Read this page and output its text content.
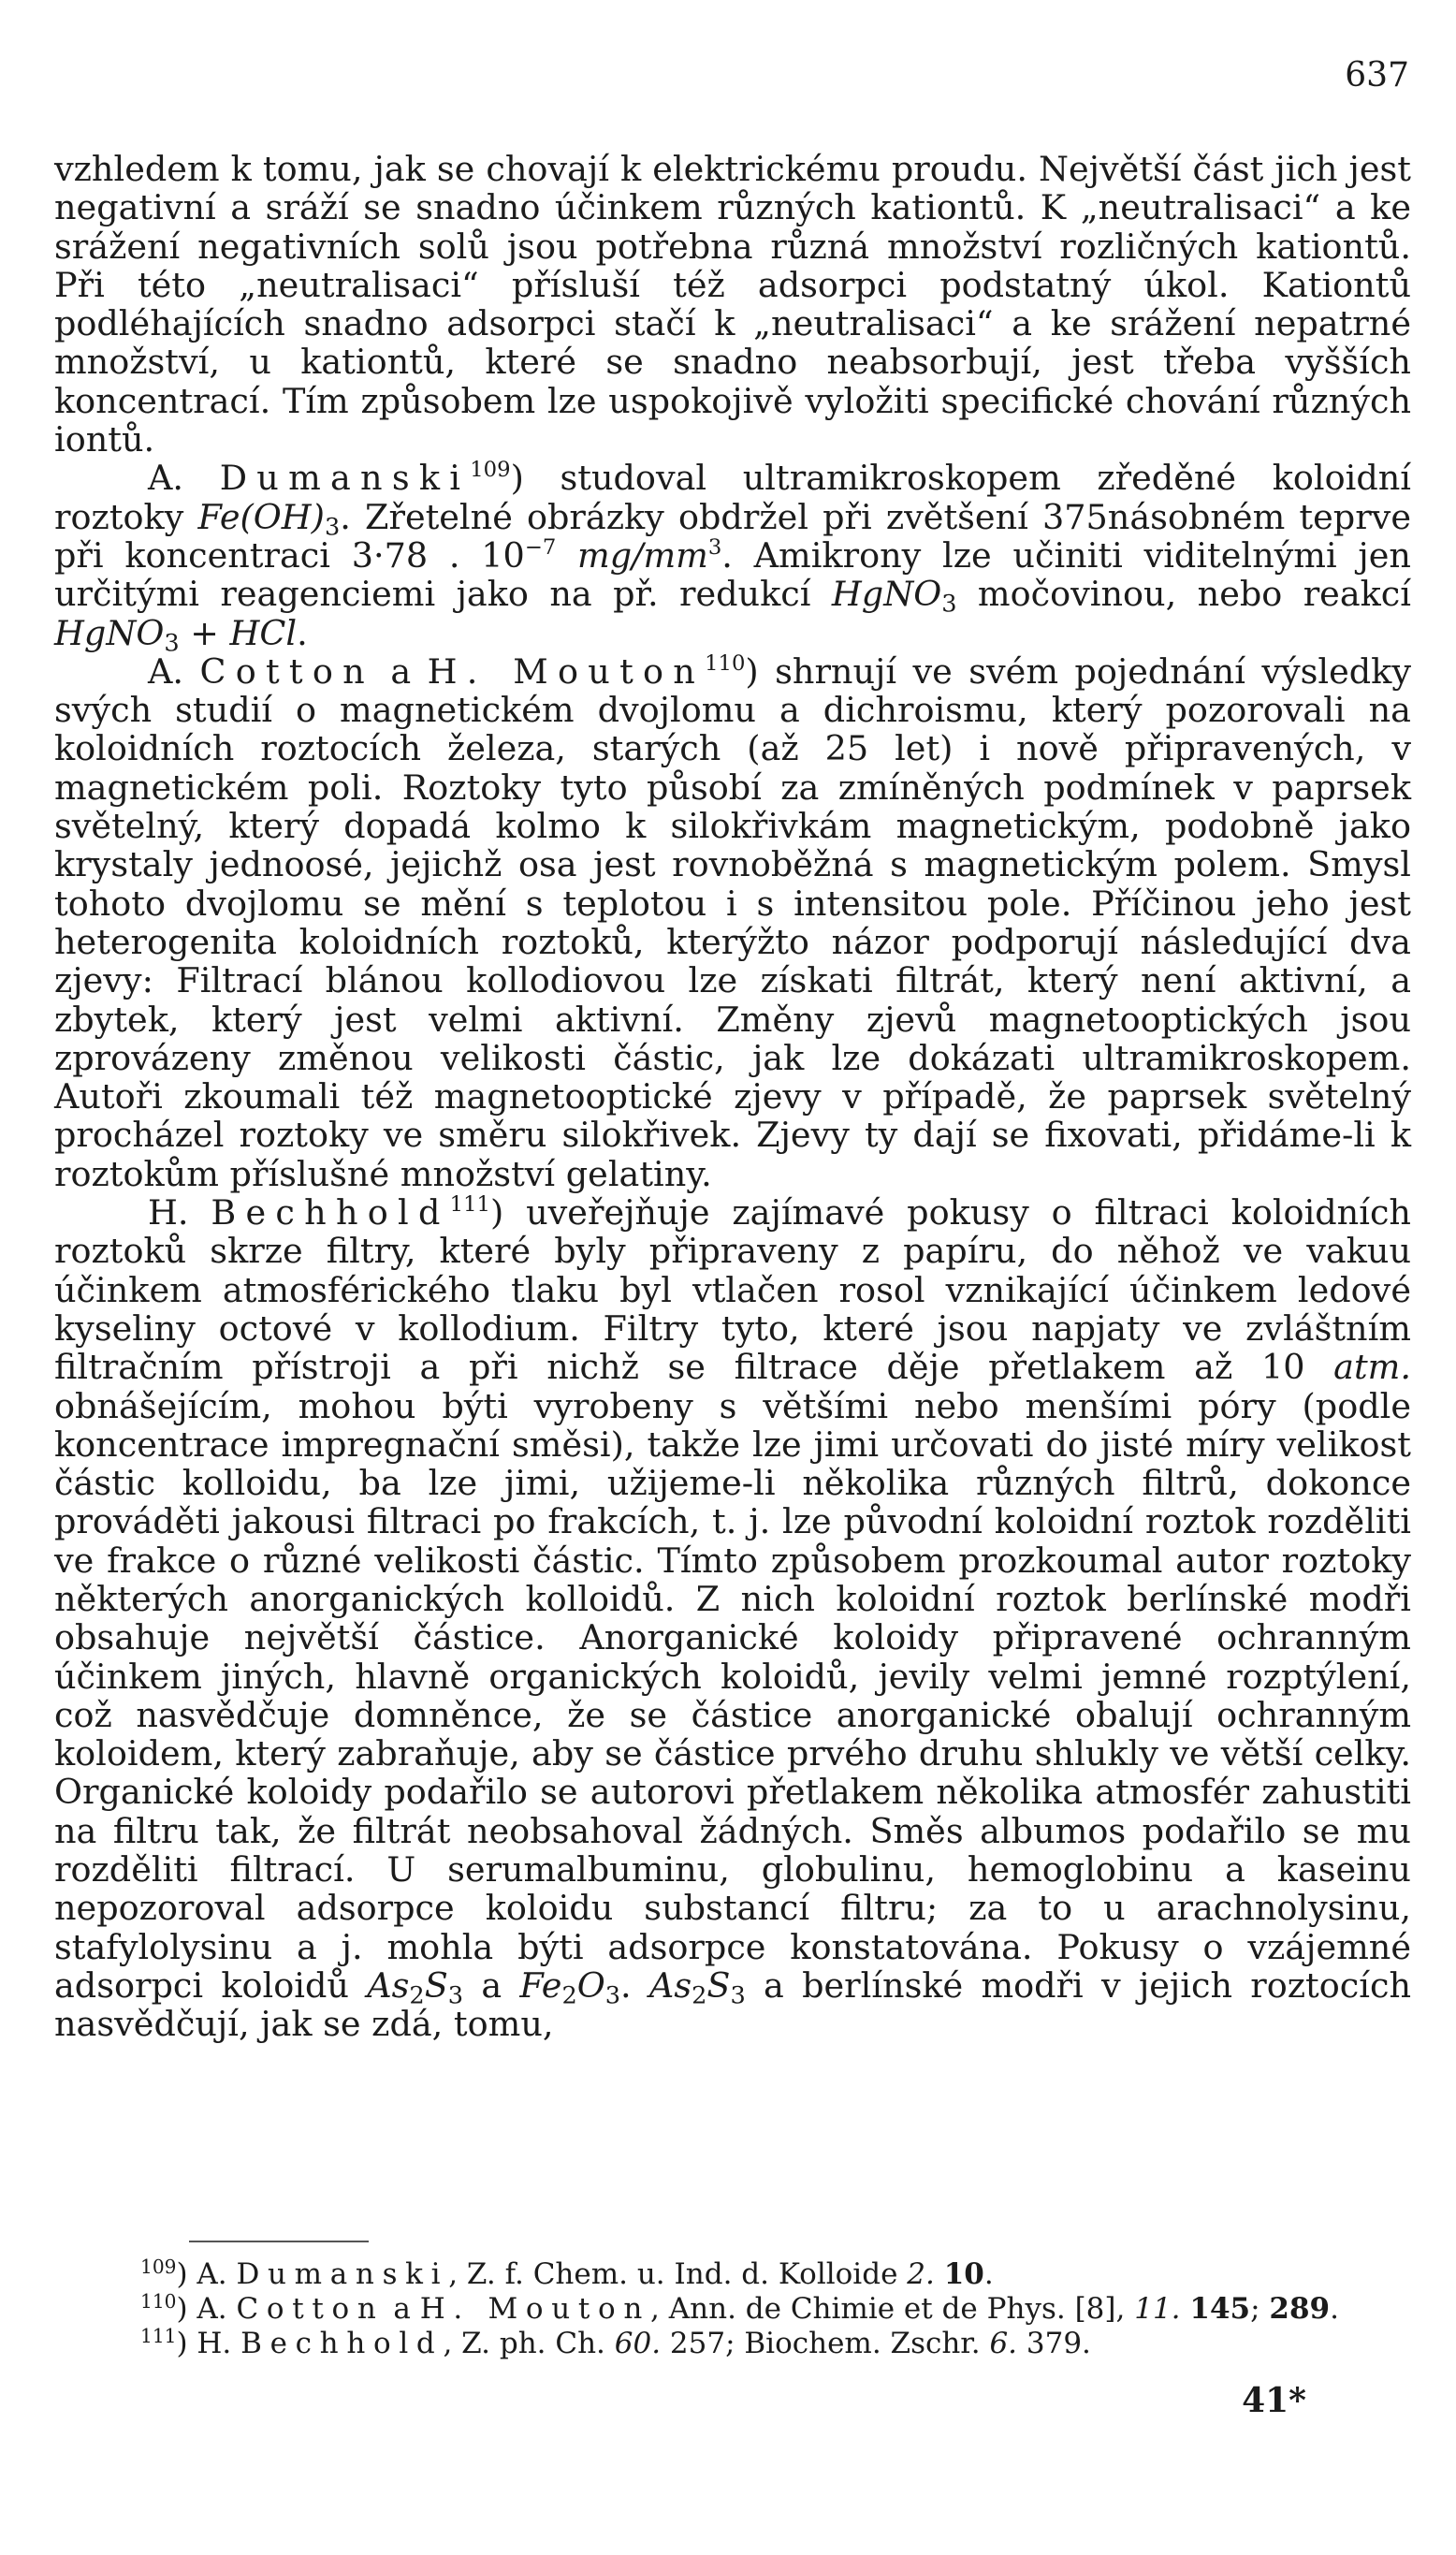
637

vzhledem k tomu, jak se chovají k elektrickému proudu. Největší část jich jest negativní a sráží se snadno účinkem různých kationtů. K „neutralisaci“ a ke srážení negativních solů jsou potřebna různá množství rozličných kationtů. Při této „neutralisaci“ přísluší též adsorpci podstatný úkol. Kationtů podléhajících snadno adsorpci stačí k „neutralisaci“ a ke srážení nepatrné množství, u kationtů, které se snadno neabsorbují, jest třeba vyšších koncentrací. Tím způsobem lze uspokojivě vyložiti specifické chování různých iontů.

A. Dumanski$^{109}$) studoval ultramikroskopem zředěné koloidní roztoky $Fe(OH)_3$. Zřetelné obrázky obdržel při zvětšení 375násobném teprve při koncentraci 3·78 . $10^{-7}$ $mg/mm^3$. Amikrony lze učiniti viditelnými jen určitými reagenciemi jako na př. redukcí HgNO$_3$ močovinou, nebo reakcí HgNO$_3$ + HCl.

A. Cotton a H. Mouton$^{110}$) shrnují ve svém pojednání výsledky svých studií o magnetickém dvojlomu a dichroismu, který pozorovali na koloidních roztocích železa, starých (až 25 let) i nově připravených, v magnetickém poli. Roztoky tyto působí za zmíněných podmínek v paprsek světelný, který dopadá kolmo k silokřivkám magnetickým, podobně jako krystaly jednoosé, jejichž osa jest rovnoběžná s magnetickým polem. Smysl tohoto dvojlomu se mění s teplotou i s intensitou pole. Příčinou jeho jest heterogenita koloidních roztoků, kterýžto názor podporují následující dva zjevy: Filtrací blánou kollodiovou lze získati filtrát, který není aktivní, a zbytek, který jest velmi aktivní. Změny zjevů magnetooptických jsou zprovázeny změnou velikosti částic, jak lze dokázati ultramikroskopem. Autoři zkoumali též magnetooptické zjevy v případě, že paprsek světelný procházel roztoky ve směru silokřivek. Zjevy ty dají se fixovati, přidáme-li k roztokům příslušné množství gelatiny.

H. Bechhold$^{111}$) uveřejňuje zajímavé pokusy o filtraci koloidních roztoků skrze filtry, které byly připraveny z papíru, do něhož ve vakuu účinkem atmosférického tlaku byl vtlačen rosol vznikající účinkem ledové kyseliny octové v kollodium. Filtry tyto, které jsou napjaty ve zvláštním filtračním přístroji a při nichž se filtrace děje přetlakem až 10 atm. obnášejícím, mohou býti vyrobeny s většími nebo menšími póry (podle koncentrace impregnační směsi), takže lze jimi určovati do jisté míry velikost částic kolloidu, ba lze jimi, užijeme-li několika různých filtrů, dokonce prováděti jakousi filtraci po frakcích, t. j. lze původní koloidní roztok rozděliti ve frakce o různé velikosti částic. Tímto způsobem prozkoumal autor roztoky některých anorganických kolloidů. Z nich koloidní roztok berlínské modři obsahuje největší částice. Anorganické koloidy připravené ochranným účinkem jiných, hlavně organických koloidů, jevily velmi jemné rozptýlení, což nasvědčuje domněnce, že se částice anorganické obalují ochranným koloidem, který zabraňuje, aby se částice prvého druhu shlukly ve větší celky. Organické koloidy podařilo se autorovi přetlakem několika atmosfér zahustiti na filtru tak, že filtrát neobsahoval žádných. Směs albumos podařilo se mu rozděliti filtrací. U serumalbuminu, globulinu, hemoglobinu a kaseinu nepozoroval adsorpce koloidu substancí filtru; za to u arachnolysinu, stafylolysinu a j. mohla býti adsorpce konstatována. Pokusy o vzájemné adsorpci koloidů $As_2S_3$ a $Fe_2O_3$. $As_2S_3$ a berlínské modři v jejich roztocích nasvědčují, jak se zdá, tomu,

$^{109}$) A. Dumanski, Z. f. Chem. u. Ind. d. Kolloide 2. 10.

$^{110}$) A. Cotton a H. Mouton, Ann. de Chimie et de Phys. [8], 11. 145; 289.

$^{111}$) H. Bechhold, Z. ph. Ch. 60. 257; Biochem. Zschr. 6. 379.

41*
